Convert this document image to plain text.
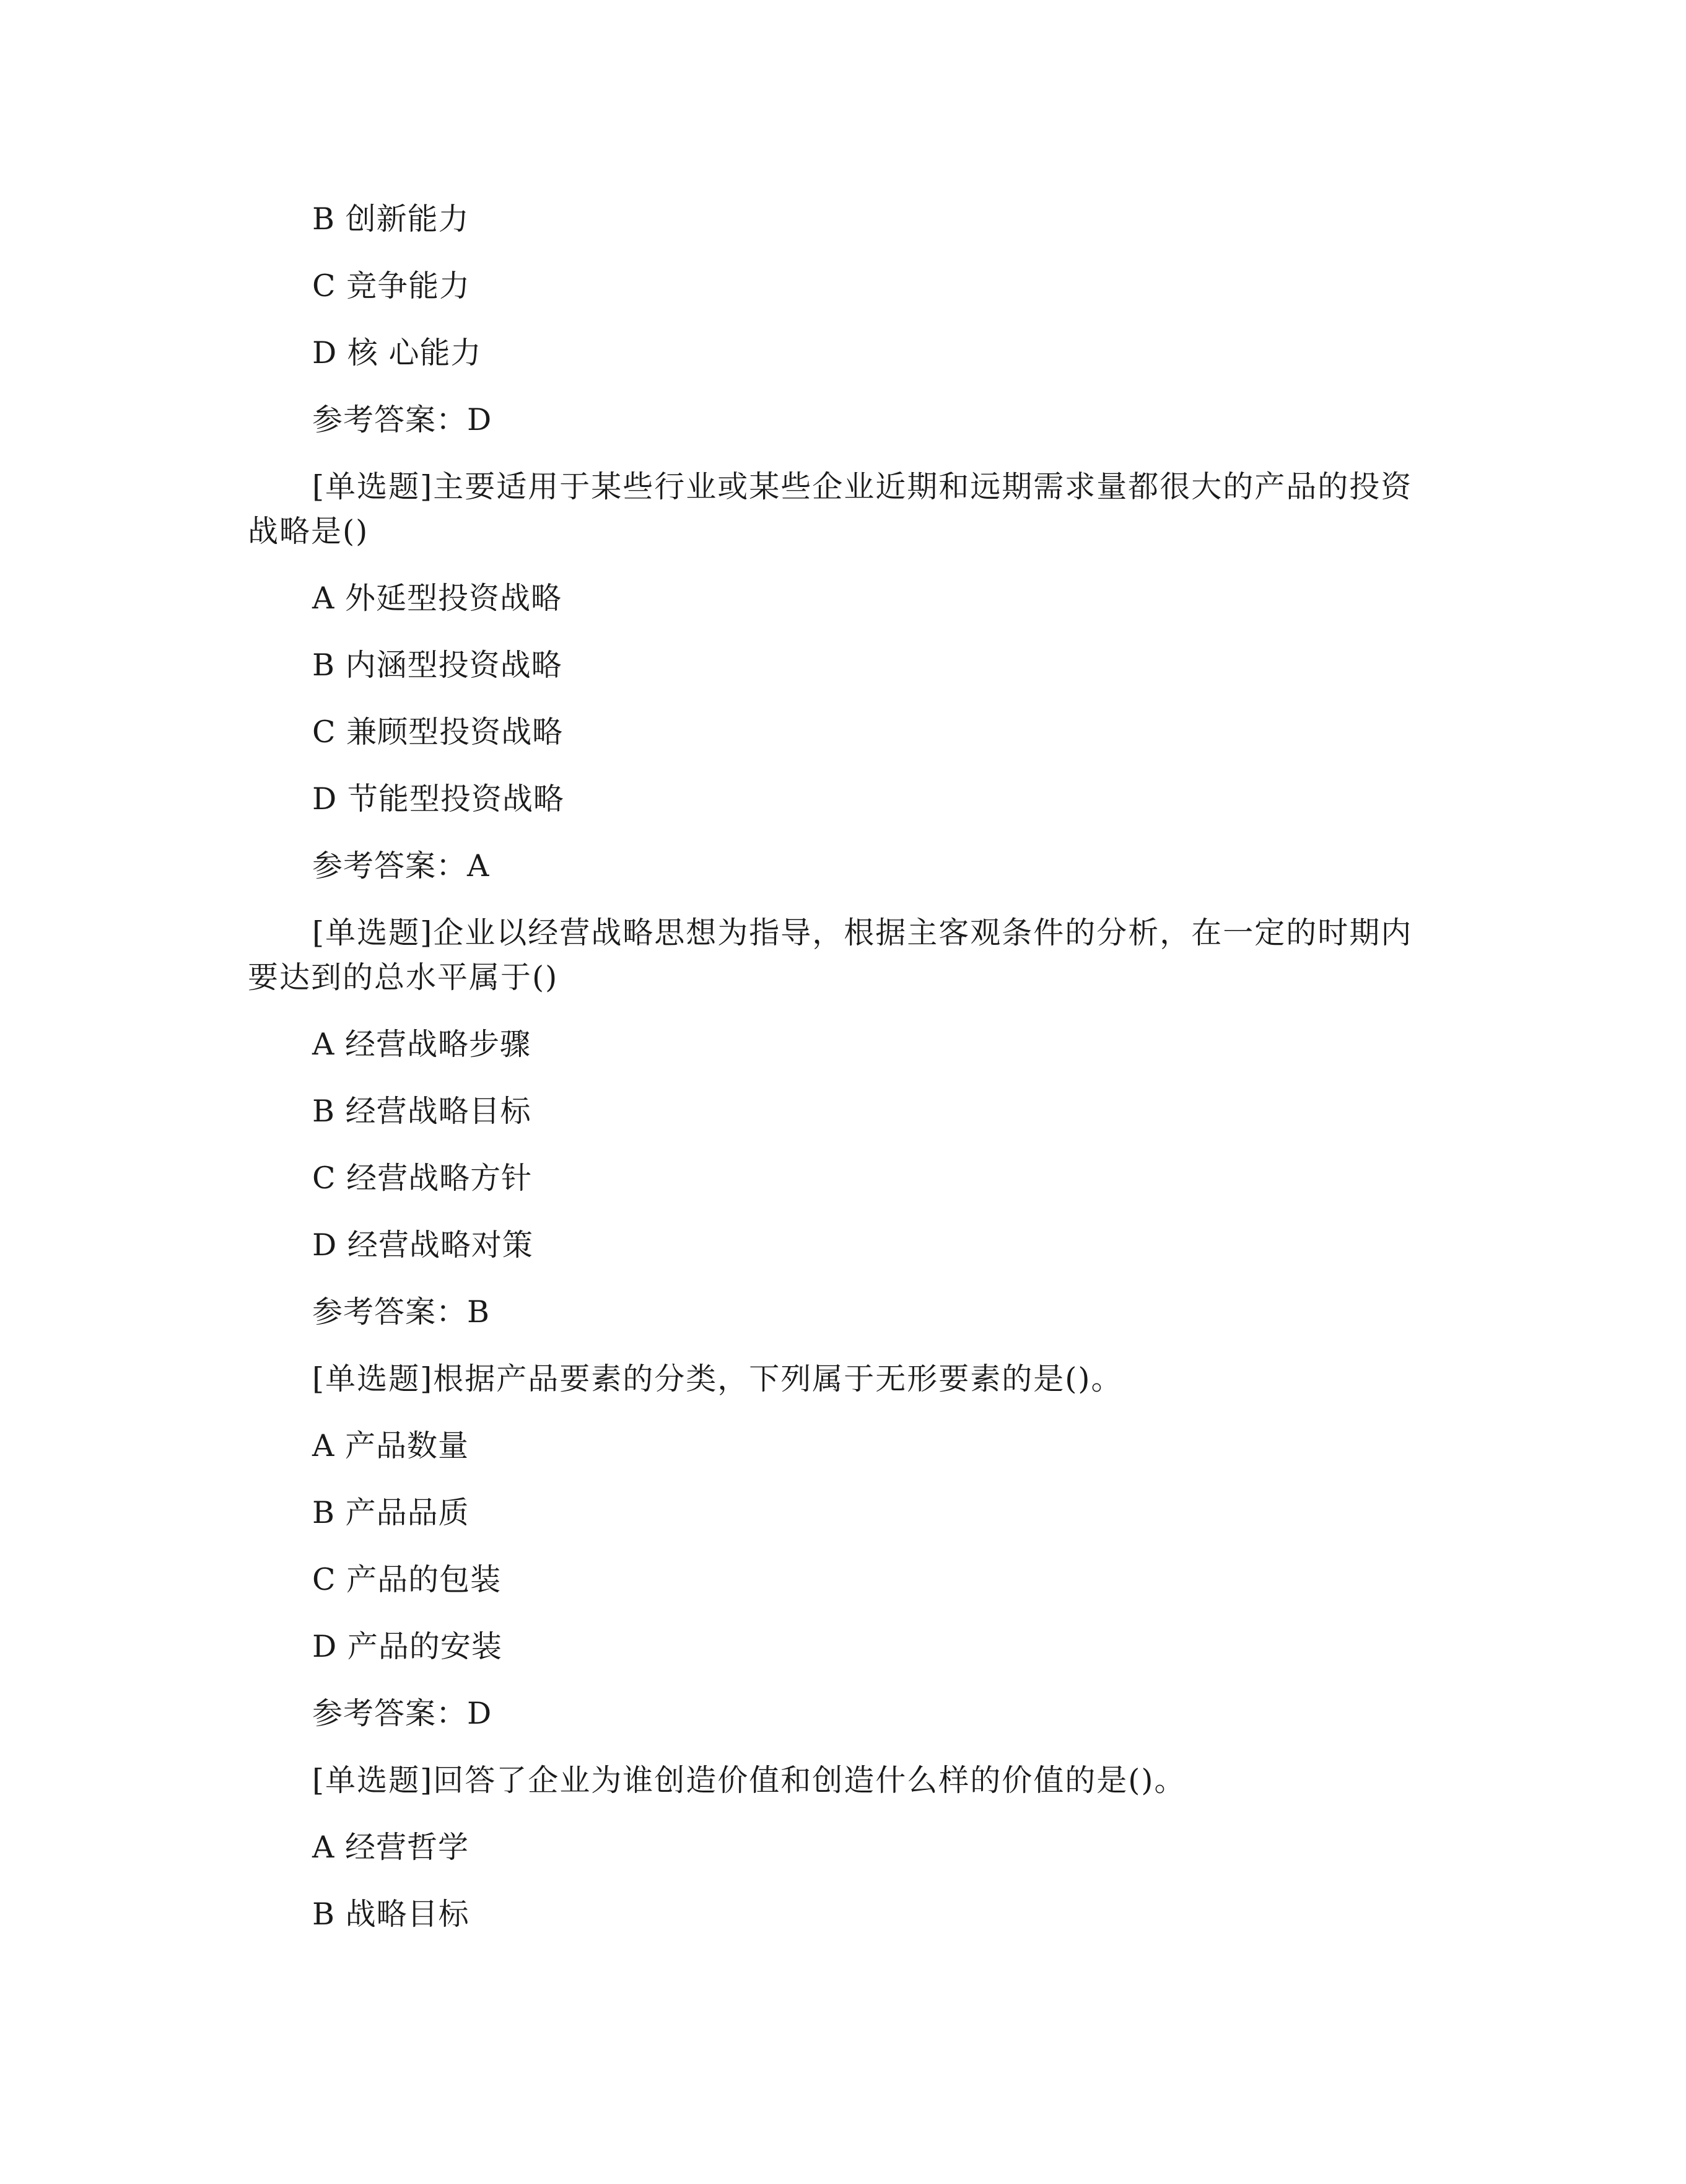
B 创新能力

C 竞争能力

D 核 心能力

参考答案：D

[单选题]主要适用于某些行业或某些企业近期和远期需求量都很大的产品的投资战略是()

A 外延型投资战略

B 内涵型投资战略

C 兼顾型投资战略

D 节能型投资战略

参考答案：A

[单选题]企业以经营战略思想为指导，根据主客观条件的分析，在一定的时期内要达到的总水平属于()

A 经营战略步骤

B 经营战略目标

C 经营战略方针

D 经营战略对策

参考答案：B

[单选题]根据产品要素的分类，下列属于无形要素的是()。

A 产品数量

B 产品品质

C 产品的包装

D 产品的安装

参考答案：D

[单选题]回答了企业为谁创造价值和创造什么样的价值的是()。

A 经营哲学

B 战略目标
